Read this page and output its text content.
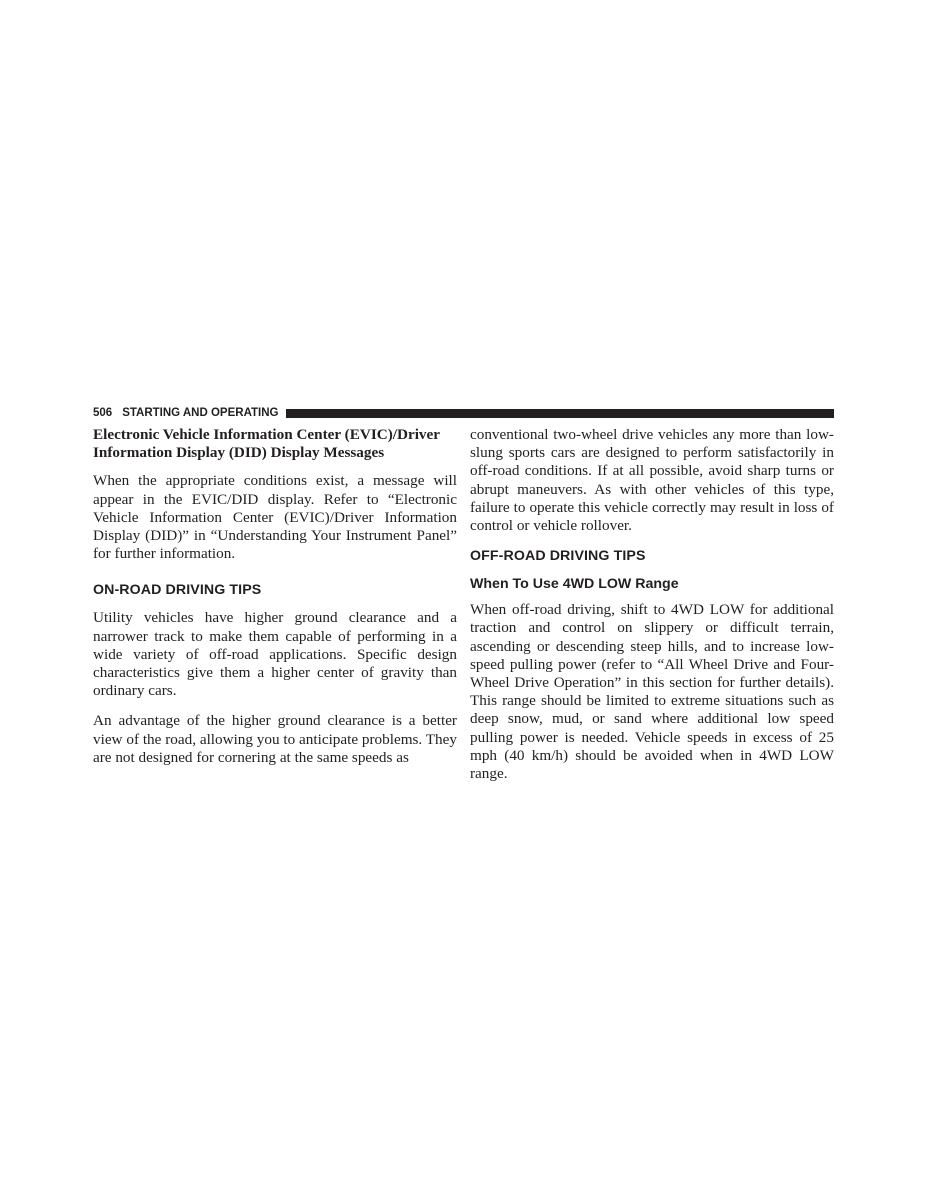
506 STARTING AND OPERATING
Electronic Vehicle Information Center (EVIC)/Driver Information Display (DID) Display Messages

When the appropriate conditions exist, a message will appear in the EVIC/DID display. Refer to “Electronic Vehicle Information Center (EVIC)/Driver Information Display (DID)” in “Understanding Your Instrument Panel” for further information.

ON-ROAD DRIVING TIPS

Utility vehicles have higher ground clearance and a narrower track to make them capable of performing in a wide variety of off-road applications. Specific design characteristics give them a higher center of gravity than ordinary cars.

An advantage of the higher ground clearance is a better view of the road, allowing you to anticipate problems. They are not designed for cornering at the same speeds as

conventional two-wheel drive vehicles any more than low-slung sports cars are designed to perform satisfactorily in off-road conditions. If at all possible, avoid sharp turns or abrupt maneuvers. As with other vehicles of this type, failure to operate this vehicle correctly may result in loss of control or vehicle rollover.

OFF-ROAD DRIVING TIPS
When To Use 4WD LOW Range

When off-road driving, shift to 4WD LOW for additional traction and control on slippery or difficult terrain, ascending or descending steep hills, and to increase low-speed pulling power (refer to “All Wheel Drive and Four-Wheel Drive Operation” in this section for further details). This range should be limited to extreme situations such as deep snow, mud, or sand where additional low speed pulling power is needed. Vehicle speeds in excess of 25 mph (40 km/h) should be avoided when in 4WD LOW range.
